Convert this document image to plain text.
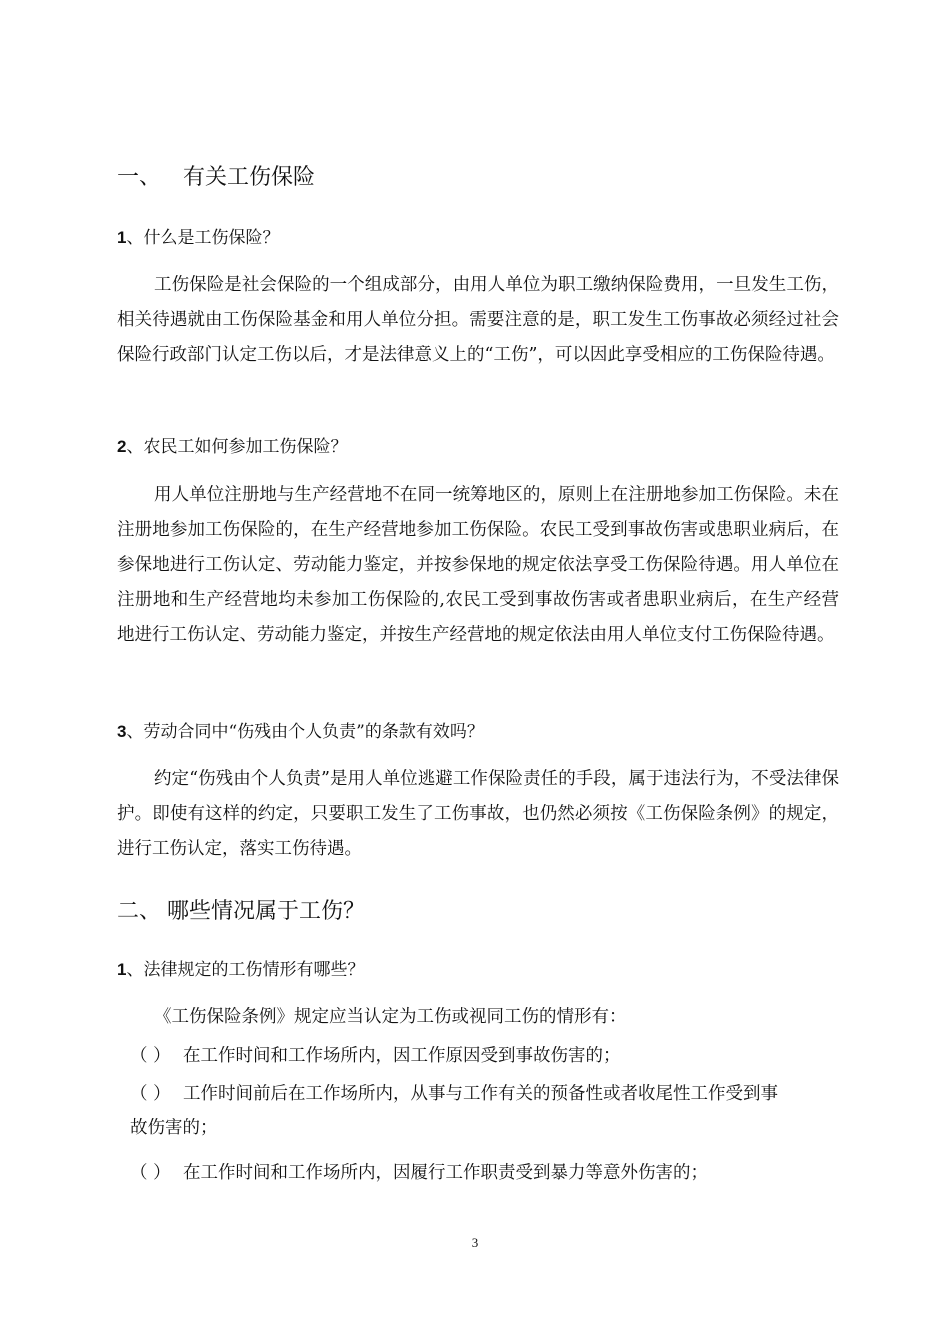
一、 有关工伤保险
1、什么是工伤保险？

工伤保险是社会保险的一个组成部分，由用人单位为职工缴纳保险费用，一旦发生工伤，相关待遇就由工伤保险基金和用人单位分担。需要注意的是，职工发生工伤事故必须经过社会保险行政部门认定工伤以后，才是法律意义上的“工伤”，可以因此享受相应的工伤保险待遇。

2、农民工如何参加工伤保险？

用人单位注册地与生产经营地不在同一统筹地区的，原则上在注册地参加工伤保险。未在注册地参加工伤保险的，在生产经营地参加工伤保险。农民工受到事故伤害或患职业病后，在参保地进行工伤认定、劳动能力鉴定，并按参保地的规定依法享受工伤保险待遇。用人单位在注册地和生产经营地均未参加工伤保险的,农民工受到事故伤害或者患职业病后，在生产经营地进行工伤认定、劳动能力鉴定，并按生产经营地的规定依法由用人单位支付工伤保险待遇。

3、劳动合同中“伤残由个人负责”的条款有效吗？

约定“伤残由个人负责”是用人单位逃避工作保险责任的手段，属于违法行为，不受法律保护。即使有这样的约定，只要职工发生了工伤事故，也仍然必须按《工伤保险条例》的规定，进行工伤认定，落实工伤待遇。

二、 哪些情况属于工伤？
1、法律规定的工伤情形有哪些？

《工伤保险条例》规定应当认定为工伤或视同工伤的情形有：

（ ） 在工作时间和工作场所内，因工作原因受到事故伤害的；
（ ） 工作时间前后在工作场所内，从事与工作有关的预备性或者收尾性工作受到事
故伤害的；
（ ） 在工作时间和工作场所内，因履行工作职责受到暴力等意外伤害的；
3
